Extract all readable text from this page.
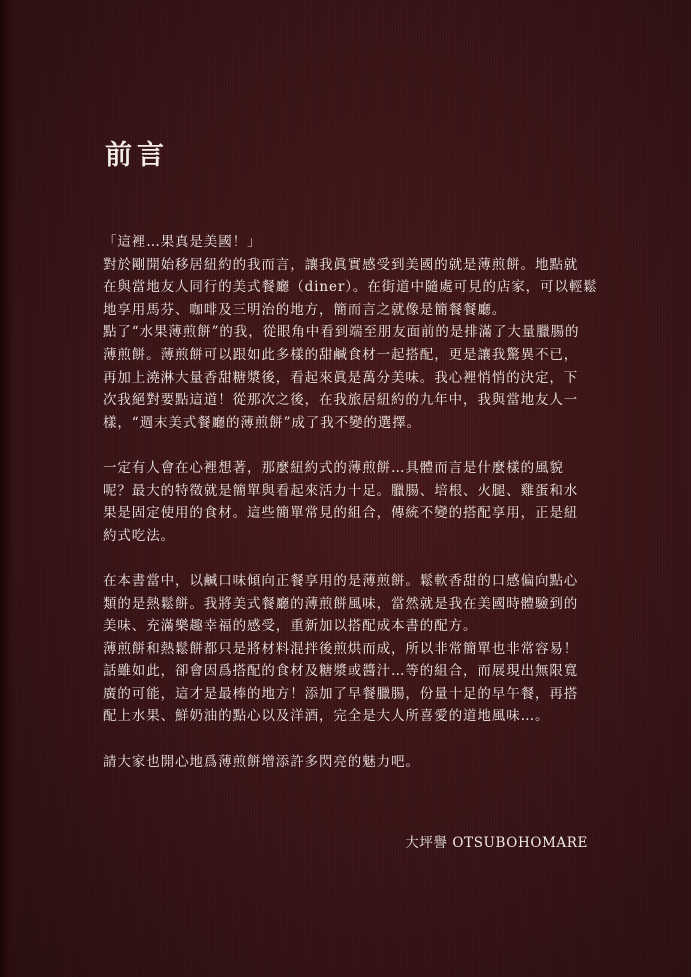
前言

「這裡…果真是美國！」

對於剛開始移居紐約的我而言，讓我眞實感受到美國的就是薄煎餅。地點就

在與當地友人同行的美式餐廳（diner）。在街道中隨處可見的店家，可以輕鬆

地享用馬芬、咖啡及三明治的地方，簡而言之就像是簡餐餐廳。

點了“水果薄煎餅”的我，從眼角中看到端至朋友面前的是排滿了大量臘腸的

薄煎餅。薄煎餅可以跟如此多樣的甜鹹食材一起搭配，更是讓我驚異不已，

再加上澆淋大量香甜糖漿後，看起來眞是萬分美味。我心裡悄悄的決定，下

次我絕對要點這道！從那次之後，在我旅居紐約的九年中，我與當地友人一

樣，“週末美式餐廳的薄煎餅”成了我不變的選擇。

一定有人會在心裡想著，那麼紐約式的薄煎餅…具體而言是什麼樣的風貌

呢？最大的特徵就是簡單與看起來活力十足。臘腸、培根、火腿、雞蛋和水

果是固定使用的食材。這些簡單常見的組合，傳統不變的搭配享用，正是紐

約式吃法。

在本書當中，以鹹口味傾向正餐享用的是薄煎餅。鬆軟香甜的口感偏向點心

類的是熱鬆餅。我將美式餐廳的薄煎餅風味，當然就是我在美國時體驗到的

美味、充滿樂趣幸福的感受，重新加以搭配成本書的配方。

薄煎餅和熱鬆餅都只是將材料混拌後煎烘而成，所以非常簡單也非常容易！

話雖如此，卻會因爲搭配的食材及糖漿或醬汁…等的組合，而展現出無限寬

廣的可能，這才是最棒的地方！添加了早餐臘腸，份量十足的早午餐，再搭

配上水果、鮮奶油的點心以及洋酒，完全是大人所喜愛的道地風味…。

請大家也開心地爲薄煎餅增添許多閃亮的魅力吧。

大坪譽 OTSUBOHOMARE
